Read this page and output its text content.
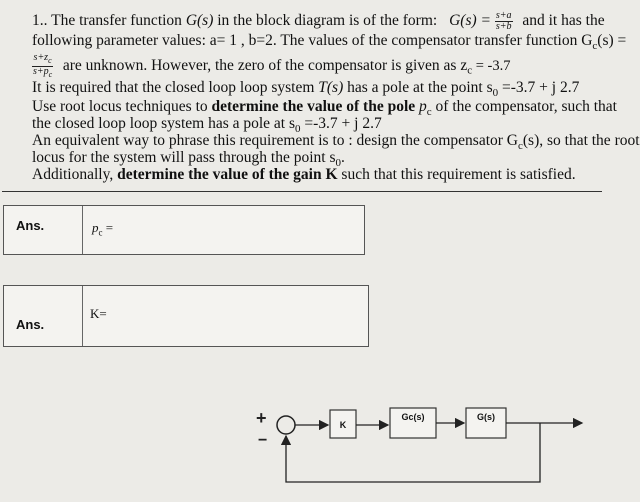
1.. The transfer function G(s) in the block diagram is of the form: $G(s) = \frac{s+a}{s+b}$ and it has the
following parameter values: a= 1 , b=2. The values of the compensator transfer function $G_c(s)$ =
$\frac{s+z_c}{s+p_c}$ are unknown. However, the zero of the compensator is given as $z_c = -3.7$
It is required that the closed loop loop system T(s) has a pole at the point $s_0 =-3.7 + j$ 2.7
Use root locus techniques to determine the value of the pole $p_c$ of the compensator, such that
the closed loop loop system has a pole at $s_0 =-3.7 + j$ 2.7
An equivalent way to phrase this requirement is to : design the compensator $G_c(s)$, so that the root
locus for the system will pass through the point $s_0$.
Additionally, determine the value of the gain K such that this requirement is satisfied.
Ans.	$p_c$ =
Ans.
K=
+
−
K
Gc(s)	G(s)
